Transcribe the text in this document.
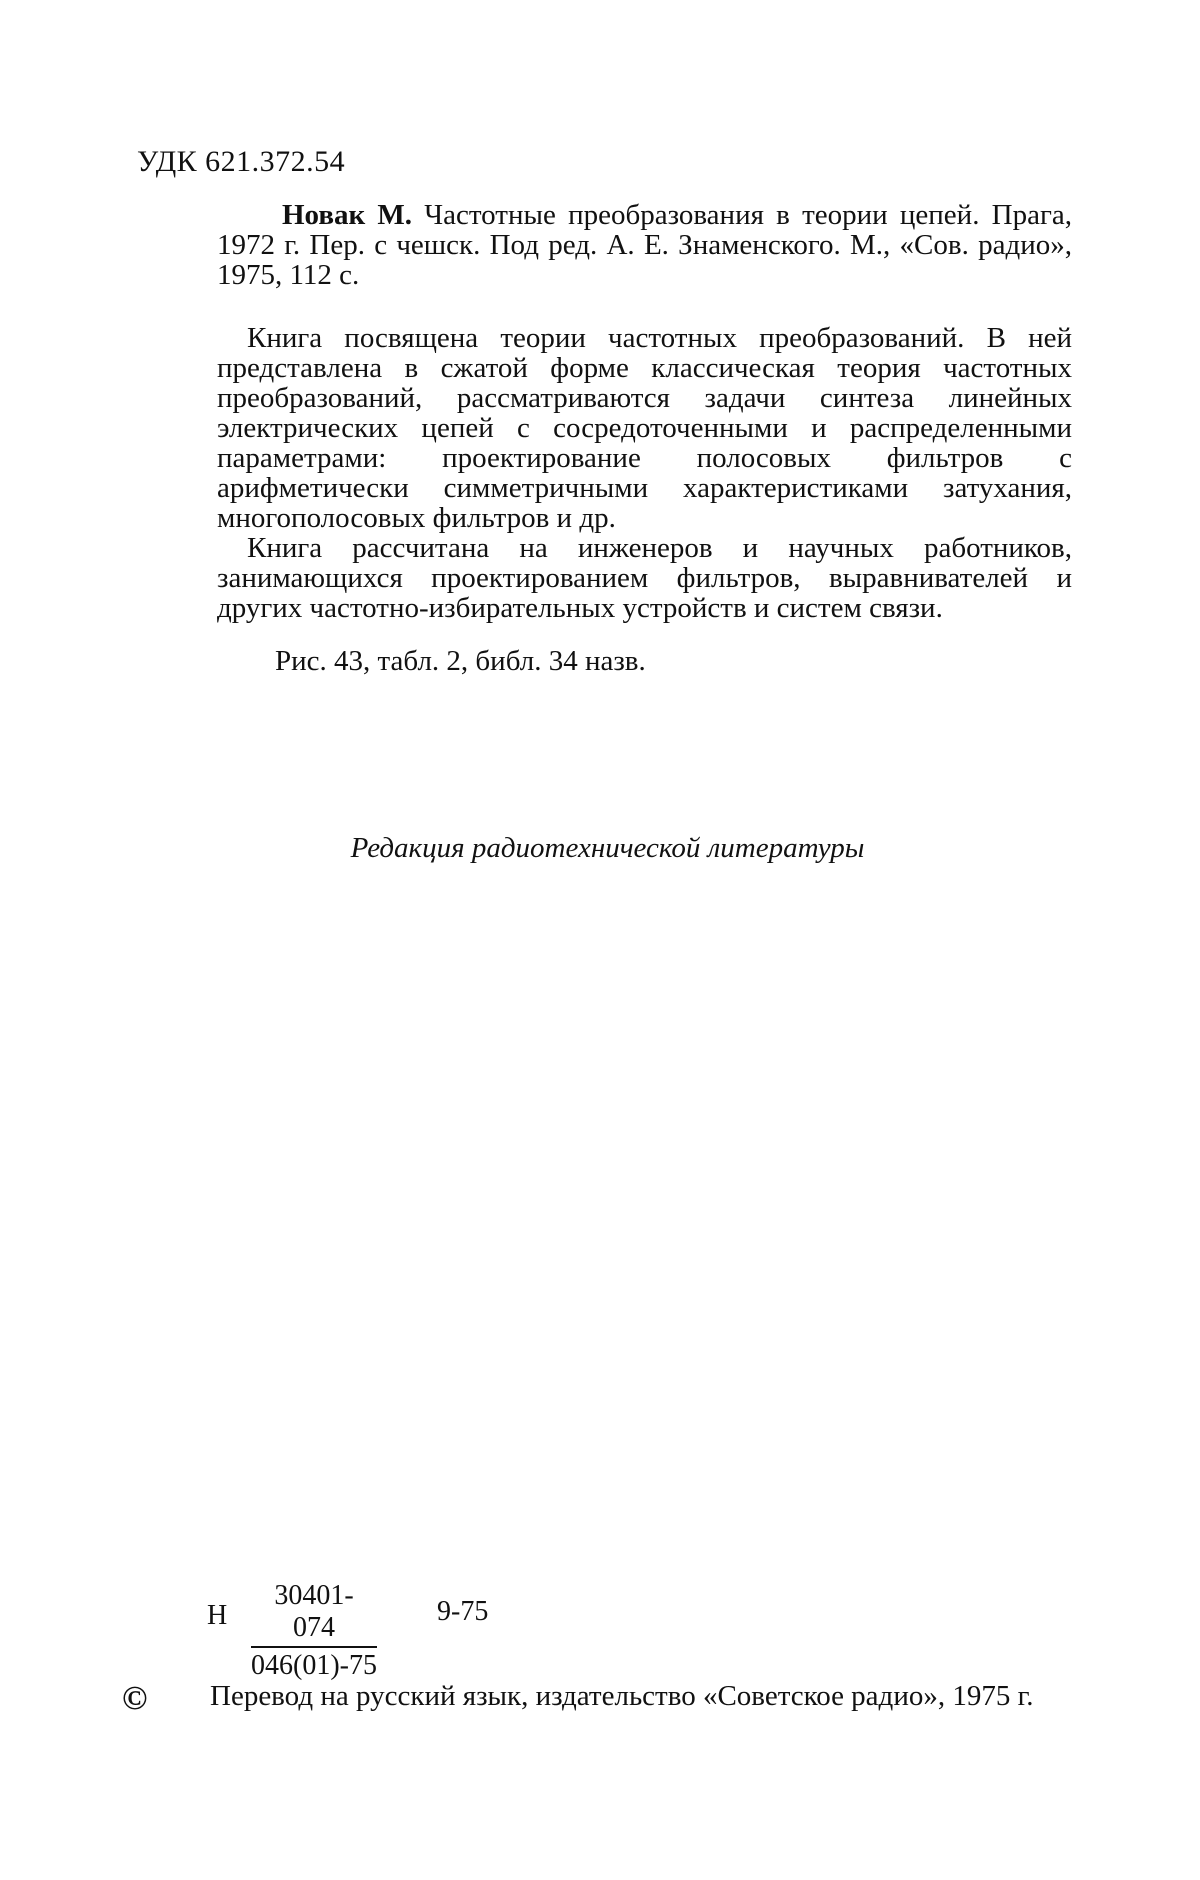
УДК 621.372.54

Новак М. Частотные преобразования в теории цепей. Прага, 1972 г. Пер. с чешск. Под ред. А. Е. Знаменского. М., «Сов. радио», 1975, 112 с.

Книга посвящена теории частотных преобразований. В ней представлена в сжатой форме классическая теория частотных преобразований, рассматриваются задачи синтеза линейных электрических цепей с сосредоточенными и распределенными параметрами: проектирование полосовых фильтров с арифметически симметричными характеристиками затухания, многополосовых фильтров и др.

Книга рассчитана на инженеров и научных работников, занимающихся проектированием фильтров, выравнивателей и других частотно-избирательных устройств и систем связи.

Рис. 43, табл. 2, библ. 34 назв.
Редакция радиотехнической литературы
Н $\frac{30401-074}{046(01)-75} 9-75$
© Перевод на русский язык, издательство «Советское радио», 1975 г.
